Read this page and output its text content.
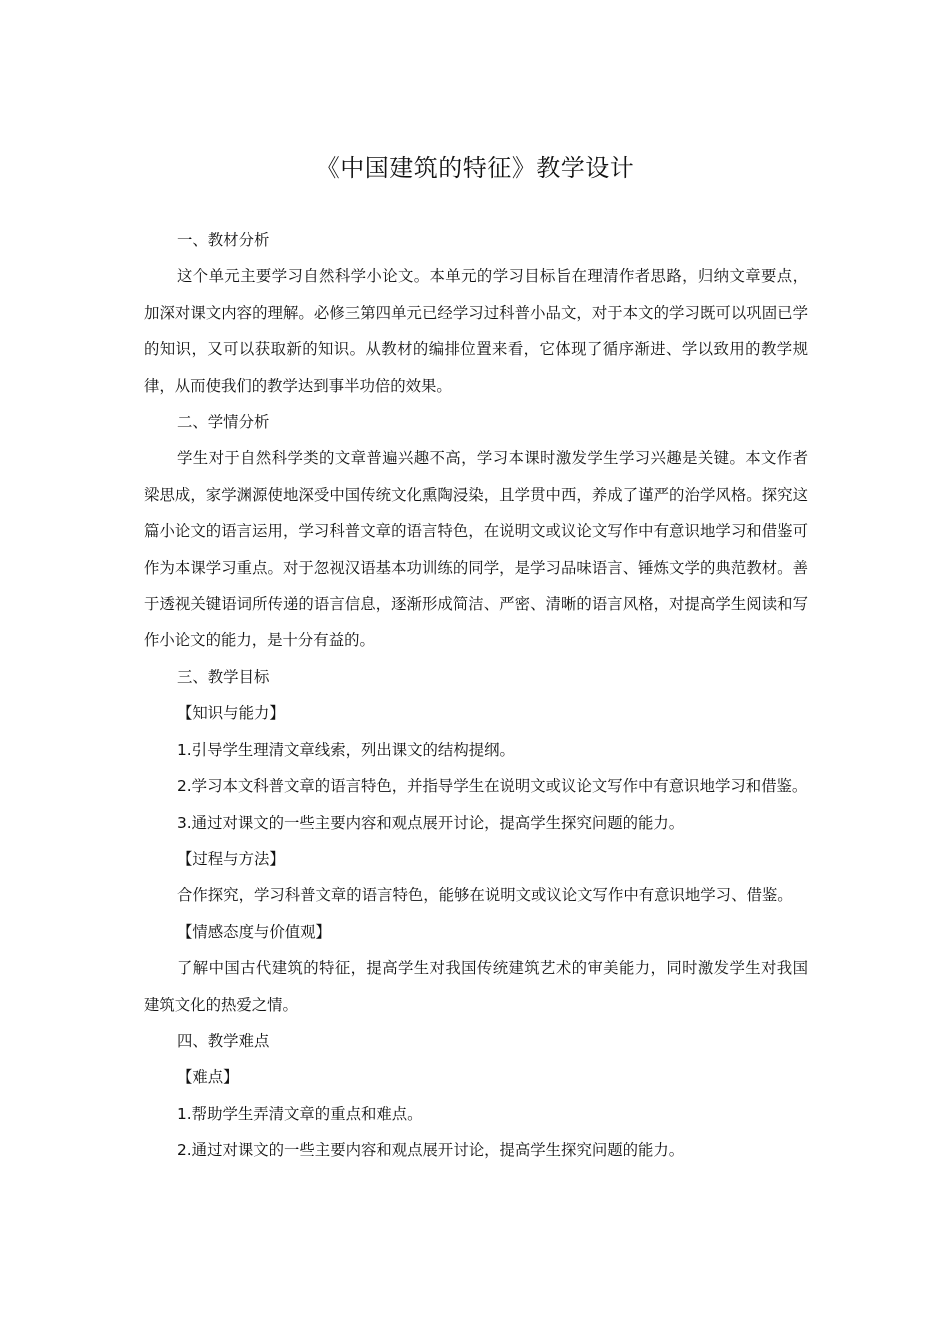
《中国建筑的特征》教学设计

一、教材分析

这个单元主要学习自然科学小论文。本单元的学习目标旨在理清作者思路，归纳文章要点，加深对课文内容的理解。必修三第四单元已经学习过科普小品文，对于本文的学习既可以巩固已学的知识，又可以获取新的知识。从教材的编排位置来看，它体现了循序渐进、学以致用的教学规律，从而使我们的教学达到事半功倍的效果。

二、学情分析

学生对于自然科学类的文章普遍兴趣不高，学习本课时激发学生学习兴趣是关键。本文作者梁思成，家学渊源使地深受中国传统文化熏陶浸染，且学贯中西，养成了谨严的治学风格。探究这篇小论文的语言运用，学习科普文章的语言特色，在说明文或议论文写作中有意识地学习和借鉴可作为本课学习重点。对于忽视汉语基本功训练的同学，是学习品味语言、锤炼文学的典范教材。善于透视关键语词所传递的语言信息，逐渐形成简洁、严密、清晰的语言风格，对提高学生阅读和写作小论文的能力，是十分有益的。

三、教学目标

【知识与能力】

1.引导学生理清文章线索，列出课文的结构提纲。

2.学习本文科普文章的语言特色，并指导学生在说明文或议论文写作中有意识地学习和借鉴。

3.通过对课文的一些主要内容和观点展开讨论，提高学生探究问题的能力。

【过程与方法】

合作探究，学习科普文章的语言特色，能够在说明文或议论文写作中有意识地学习、借鉴。

【情感态度与价值观】

了解中国古代建筑的特征，提高学生对我国传统建筑艺术的审美能力，同时激发学生对我国建筑文化的热爱之情。

四、教学难点

【难点】

1.帮助学生弄清文章的重点和难点。

2.通过对课文的一些主要内容和观点展开讨论，提高学生探究问题的能力。
